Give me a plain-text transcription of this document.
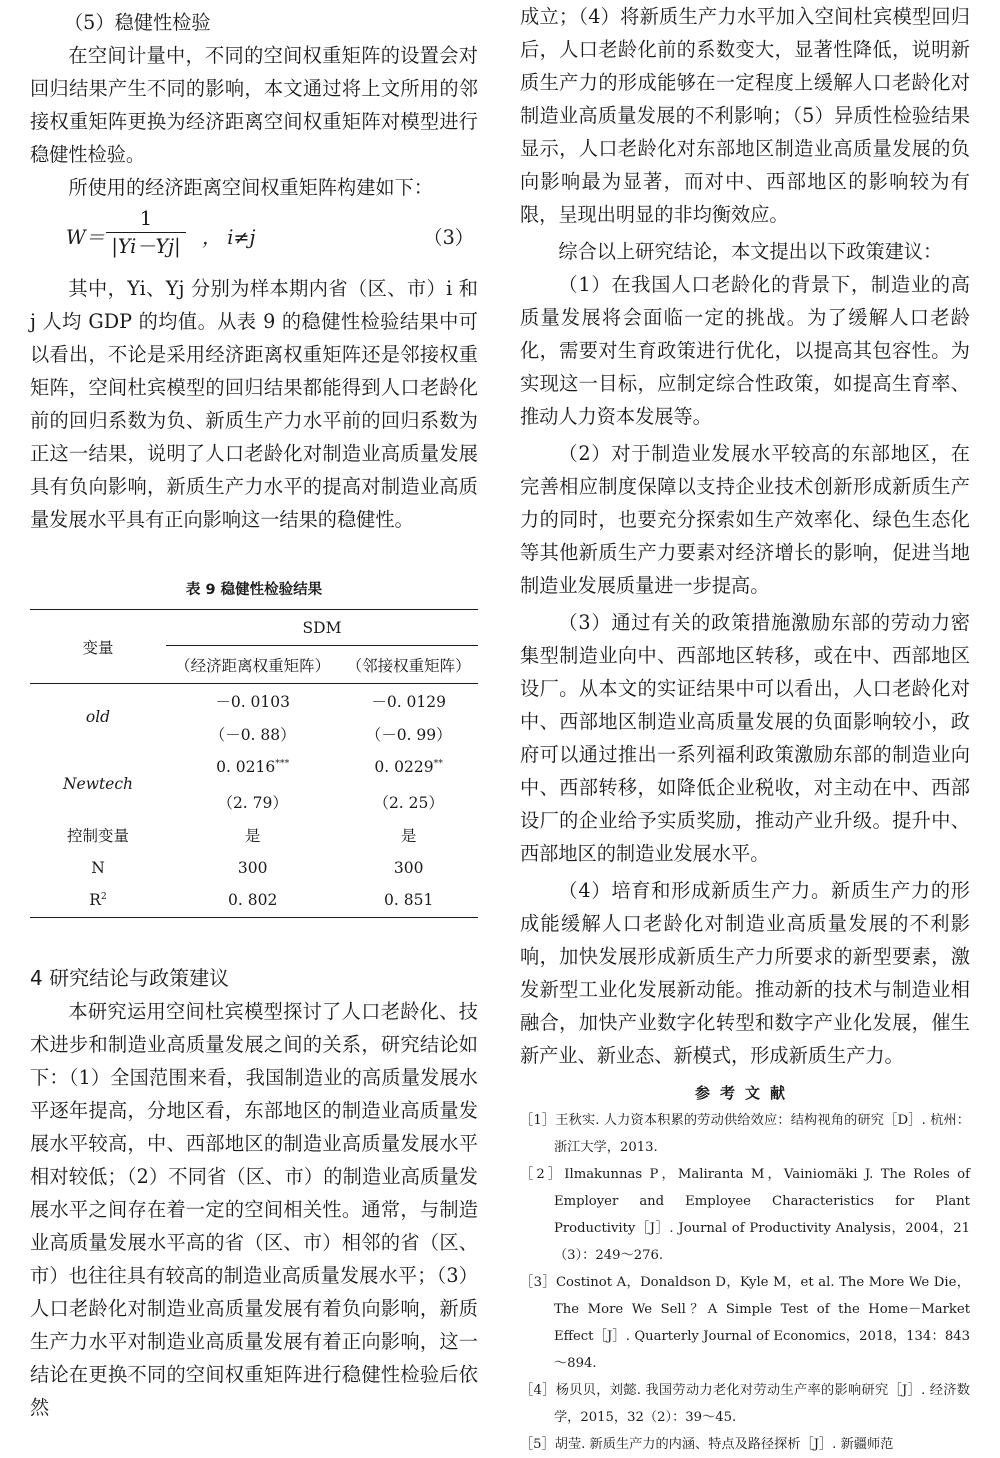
（5）稳健性检验

在空间计量中，不同的空间权重矩阵的设置会对回归结果产生不同的影响，本文通过将上文所用的邻接权重矩阵更换为经济距离空间权重矩阵对模型进行稳健性检验。

所使用的经济距离空间权重矩阵构建如下：

$W= \frac{1}{|Yi-Yj|}$ ， i≠j	（3）

其中，Yi、Yj 分别为样本期内省（区、市）i 和 j 人均 GDP 的均值。从表 9 的稳健性检验结果中可以看出，不论是采用经济距离权重矩阵还是邻接权重矩阵，空间杜宾模型的回归结果都能得到人口老龄化前的回归系数为负、新质生产力水平前的回归系数为正这一结果，说明了人口老龄化对制造业高质量发展具有负向影响，新质生产力水平的提高对制造业高质量发展水平具有正向影响这一结果的稳健性。

表 9 稳健性检验结果
变量	SDM	
	（经济距离权重矩阵）	（邻接权重矩阵）
old	－0. 0103	－0. 0129
	（－0. 88）	（－0. 99）
Newtech	0. 0216***	0. 0229**
	（2. 79）	（2. 25）
控制变量	是	是
N	300	300
$R^2$	0. 802	0. 851
4 研究结论与政策建议

本研究运用空间杜宾模型探讨了人口老龄化、技术进步和制造业高质量发展之间的关系，研究结论如下：（1）全国范围来看，我国制造业的高质量发展水平逐年提高，分地区看，东部地区的制造业高质量发展水平较高，中、西部地区的制造业高质量发展水平相对较低；（2）不同省（区、市）的制造业高质量发展水平之间存在着一定的空间相关性。通常，与制造业高质量发展水平高的省（区、市）相邻的省（区、市）也往往具有较高的制造业高质量发展水平；（3）人口老龄化对制造业高质量发展有着负向影响，新质生产力水平对制造业高质量发展有着正向影响，这一结论在更换不同的空间权重矩阵进行稳健性检验后依然

成立；（4）将新质生产力水平加入空间杜宾模型回归后，人口老龄化前的系数变大，显著性降低，说明新质生产力的形成能够在一定程度上缓解人口老龄化对制造业高质量发展的不利影响；（5）异质性检验结果显示，人口老龄化对东部地区制造业高质量发展的负向影响最为显著，而对中、西部地区的影响较为有限，呈现出明显的非均衡效应。

综合以上研究结论，本文提出以下政策建议：

（1）在我国人口老龄化的背景下，制造业的高质量发展将会面临一定的挑战。为了缓解人口老龄化，需要对生育政策进行优化，以提高其包容性。为实现这一目标，应制定综合性政策，如提高生育率、推动人力资本发展等。

（2）对于制造业发展水平较高的东部地区，在完善相应制度保障以支持企业技术创新形成新质生产力的同时，也要充分探索如生产效率化、绿色生态化等其他新质生产力要素对经济增长的影响，促进当地制造业发展质量进一步提高。

（3）通过有关的政策措施激励东部的劳动力密集型制造业向中、西部地区转移，或在中、西部地区设厂。从本文的实证结果中可以看出，人口老龄化对中、西部地区制造业高质量发展的负面影响较小，政府可以通过推出一系列福利政策激励东部的制造业向中、西部转移，如降低企业税收，对主动在中、西部设厂的企业给予实质奖励，推动产业升级。提升中、西部地区的制造业发展水平。

（4）培育和形成新质生产力。新质生产力的形成能缓解人口老龄化对制造业高质量发展的不利影响，加快发展形成新质生产力所要求的新型要素，激发新型工业化发展新动能。推动新的技术与制造业相融合，加快产业数字化转型和数字产业化发展，催生新产业、新业态、新模式，形成新质生产力。

参考文献

［1］王秋实. 人力资本积累的劳动供给效应：结构视角的研究［D］. 杭州：浙江大学，2013.

［2］Ilmakunnas P，Maliranta M，Vainiomäki J. The Roles of Employer and Employee Characteristics for Plant Productivity［J］. Journal of Productivity Analysis，2004，21（3）：249～276.

［3］Costinot A，Donaldson D，Kyle M，et al. The More We Die，The More We Sell？A Simple Test of the Home－Market Effect［J］. Quarterly Journal of Economics，2018，134：843～894.

［4］杨贝贝，刘懿. 我国劳动力老化对劳动生产率的影响研究［J］. 经济数学，2015，32（2）：39～45.

［5］胡莹. 新质生产力的内涵、特点及路径探析［J］. 新疆师范
